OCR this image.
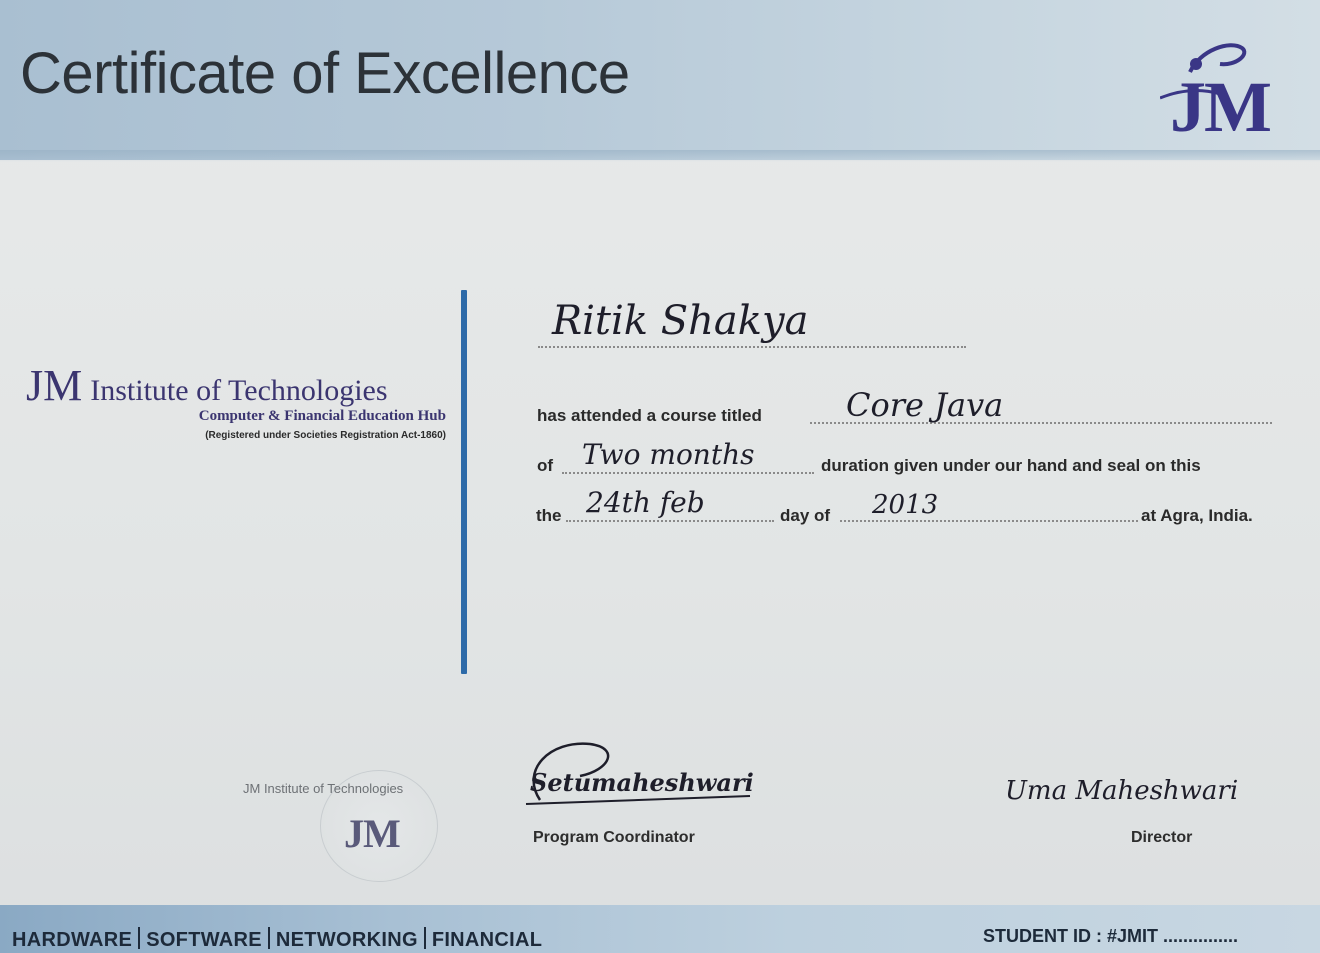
Certificate of Excellence	JM
JM Institute of Technologies
Computer & Financial Education Hub
(Registered under Societies Registration Act-1860)
Ritik Shakya
has attended a course titled	Core Java
of Two months	duration given under our hand and seal on this
the 24th feb	day of 2013	at Agra, India.
JM Institute of Technologies
JM
Setumaheshwari
Program Coordinator
Uma Maheshwari
Director
HARDWARE SOFTWARE NETWORKING FINANCIAL	STUDENT ID : #JMIT ...............
